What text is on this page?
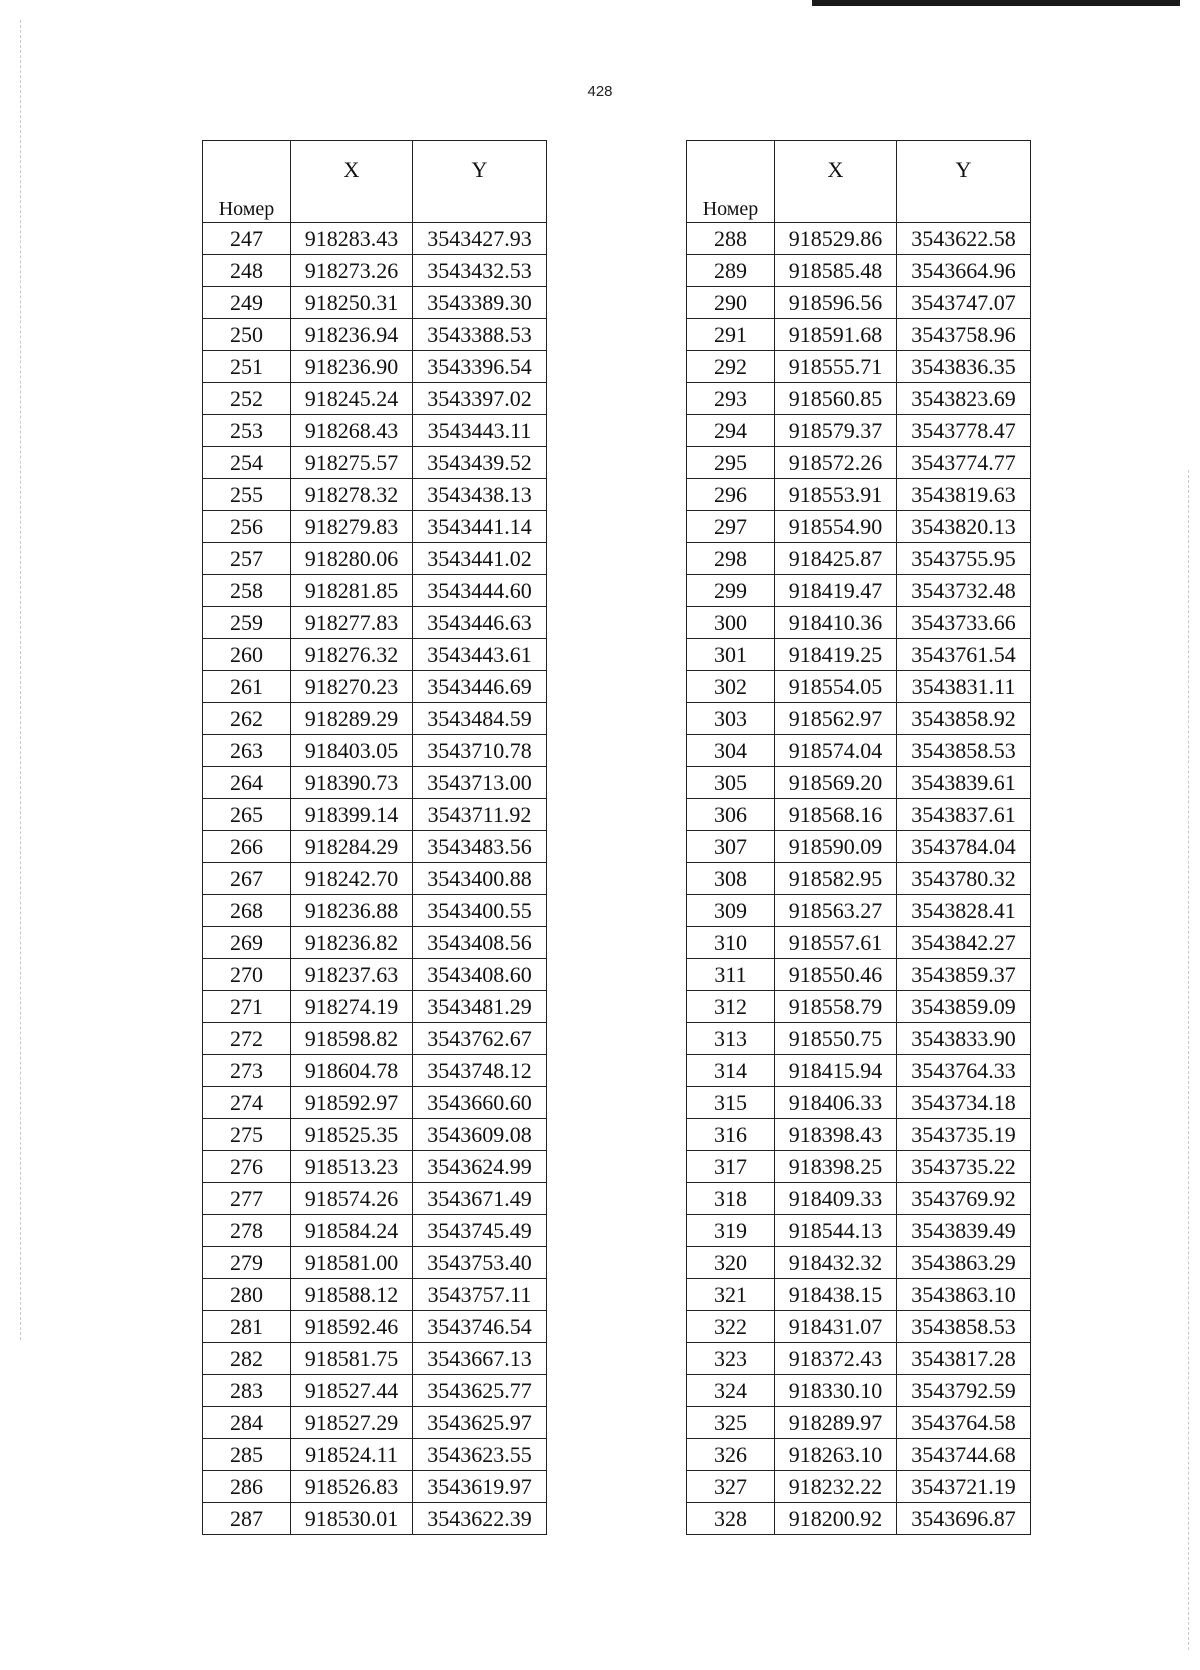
428
Номер	X	Y
247	918283.43	3543427.93
248	918273.26	3543432.53
249	918250.31	3543389.30
250	918236.94	3543388.53
251	918236.90	3543396.54
252	918245.24	3543397.02
253	918268.43	3543443.11
254	918275.57	3543439.52
255	918278.32	3543438.13
256	918279.83	3543441.14
257	918280.06	3543441.02
258	918281.85	3543444.60
259	918277.83	3543446.63
260	918276.32	3543443.61
261	918270.23	3543446.69
262	918289.29	3543484.59
263	918403.05	3543710.78
264	918390.73	3543713.00
265	918399.14	3543711.92
266	918284.29	3543483.56
267	918242.70	3543400.88
268	918236.88	3543400.55
269	918236.82	3543408.56
270	918237.63	3543408.60
271	918274.19	3543481.29
272	918598.82	3543762.67
273	918604.78	3543748.12
274	918592.97	3543660.60
275	918525.35	3543609.08
276	918513.23	3543624.99
277	918574.26	3543671.49
278	918584.24	3543745.49
279	918581.00	3543753.40
280	918588.12	3543757.11
281	918592.46	3543746.54
282	918581.75	3543667.13
283	918527.44	3543625.77
284	918527.29	3543625.97
285	918524.11	3543623.55
286	918526.83	3543619.97
287	918530.01	3543622.39
Номер	X	Y
288	918529.86	3543622.58
289	918585.48	3543664.96
290	918596.56	3543747.07
291	918591.68	3543758.96
292	918555.71	3543836.35
293	918560.85	3543823.69
294	918579.37	3543778.47
295	918572.26	3543774.77
296	918553.91	3543819.63
297	918554.90	3543820.13
298	918425.87	3543755.95
299	918419.47	3543732.48
300	918410.36	3543733.66
301	918419.25	3543761.54
302	918554.05	3543831.11
303	918562.97	3543858.92
304	918574.04	3543858.53
305	918569.20	3543839.61
306	918568.16	3543837.61
307	918590.09	3543784.04
308	918582.95	3543780.32
309	918563.27	3543828.41
310	918557.61	3543842.27
311	918550.46	3543859.37
312	918558.79	3543859.09
313	918550.75	3543833.90
314	918415.94	3543764.33
315	918406.33	3543734.18
316	918398.43	3543735.19
317	918398.25	3543735.22
318	918409.33	3543769.92
319	918544.13	3543839.49
320	918432.32	3543863.29
321	918438.15	3543863.10
322	918431.07	3543858.53
323	918372.43	3543817.28
324	918330.10	3543792.59
325	918289.97	3543764.58
326	918263.10	3543744.68
327	918232.22	3543721.19
328	918200.92	3543696.87
